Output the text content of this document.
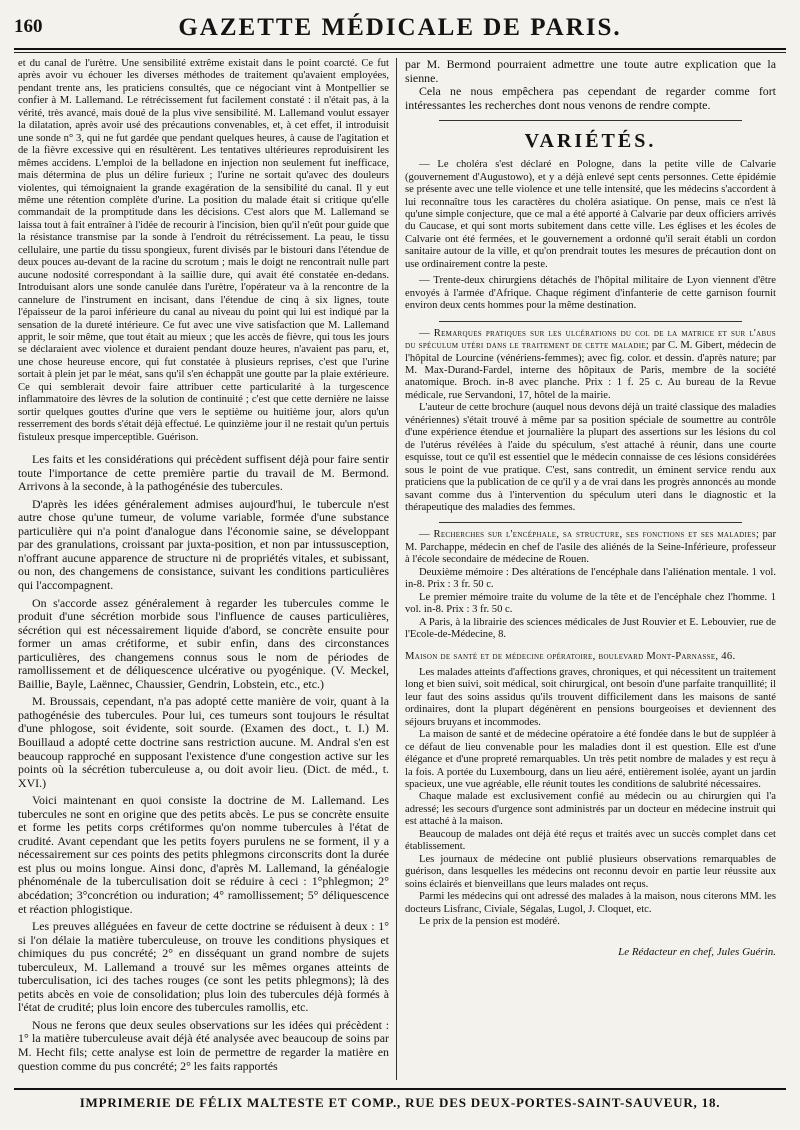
160	GAZETTE MÉDICALE DE PARIS.

et du canal de l'urètre. Une sensibilité extrême existait dans le point coarcté. Ce fut après avoir vu échouer les diverses méthodes de traitement qu'avaient employées, pendant trente ans, les praticiens consultés, que ce négociant vint à Montpellier se confier à M. Lallemand. Le rétrécissement fut facilement constaté : il n'était pas, à la vérité, très avancé, mais doué de la plus vive sensibilité. M. Lallemand voulut essayer la dilatation, après avoir usé des précautions convenables, et, à cet effet, il introduisit une sonde n° 3, qui ne fut gardée que pendant quelques heures, à cause de l'agitation et de la fièvre excessive qui en résultèrent. Les tentatives ultérieures reproduisirent les mêmes accidens. L'emploi de la belladone en injection non seulement fut inefficace, mais détermina de plus un délire furieux ; l'urine ne sortait qu'avec des douleurs violentes, qui témoignaient la grande exagération de la sensibilité du canal. Il y eut même une rétention complète d'urine. La position du malade était si critique qu'elle commandait de la promptitude dans les décisions. C'est alors que M. Lallemand se laissa tout à fait entraîner à l'idée de recourir à l'incision, bien qu'il n'eût pour guide que la résistance transmise par la sonde à l'endroit du rétrécissement. La peau, le tissu cellulaire, une partie du tissu spongieux, furent divisés par le bistouri dans l'étendue de deux pouces au-devant de la racine du scrotum ; mais le doigt ne rencontrait nulle part aucune nodosité correspondant à la saillie dure, qui avait été constatée en-dedans. Introduisant alors une sonde canulée dans l'urètre, l'opérateur va à la rencontre de la cannelure de l'instrument en incisant, dans l'étendue de cinq à six lignes, toute l'épaisseur de la paroi inférieure du canal au niveau du point qui lui est indiqué par la sensation de la dureté intérieure. Ce fut avec une vive satisfaction que M. Lallemand apprit, le soir même, que tout était au mieux ; que les accès de fièvre, qui tous les jours se déclaraient avec violence et duraient pendant douze heures, n'avaient pas paru, et, une chose heureuse encore, qui fut constatée à plusieurs reprises, c'est que l'urine sortait à plein jet par le méat, sans qu'il s'en échappât une goutte par la plaie extérieure. Ce qui semblerait devoir faire attribuer cette particularité à la turgescence inflammatoire des lèvres de la solution de continuité ; c'est que cette dernière ne laisse sortir quelques gouttes d'urine que vers le septième ou huitième jour, alors qu'un resserrement des bords s'était déjà effectué. Le quinzième jour il ne restait qu'un pertuis fistuleux presque imperceptible. Guérison.

Les faits et les considérations qui précèdent suffisent déjà pour faire sentir toute l'importance de cette première partie du travail de M. Bermond. Arrivons à la seconde, à la pathogénésie des tubercules.

D'après les idées généralement admises aujourd'hui, le tubercule n'est autre chose qu'une tumeur, de volume variable, formée d'une substance particulière qui n'a point d'analogue dans l'économie saine, se développant par des granulations, croissant par juxta-position, et non par intussusception, n'offrant aucune apparence de structure ni de propriétés vitales, et subissant, ou non, des changemens de consistance, suivant les conditions particulières qui l'accompagnent.

On s'accorde assez généralement à regarder les tubercules comme le produit d'une sécrétion morbide sous l'influence de causes particulières, sécrétion qui est nécessairement liquide d'abord, se concrète ensuite pour former un amas crétiforme, et subir enfin, dans des circonstances particulières, des changemens connus sous le nom de périodes de ramollissement et de déliquescence ulcérative ou pyogénique. (V. Meckel, Baillie, Bayle, Laënnec, Chaussier, Gendrin, Lobstein, etc., etc.)

M. Broussais, cependant, n'a pas adopté cette manière de voir, quant à la pathogénésie des tubercules. Pour lui, ces tumeurs sont toujours le résultat d'une phlogose, soit évidente, soit sourde. (Examen des doct., t. I.) M. Bouillaud a adopté cette doctrine sans restriction aucune. M. Andral s'en est beaucoup rapproché en supposant l'existence d'une congestion active sur les points où la sécrétion tuberculeuse a, ou doit avoir lieu. (Dict. de méd., t. XVI.)

Voici maintenant en quoi consiste la doctrine de M. Lallemand. Les tubercules ne sont en origine que des petits abcès. Le pus se concrète ensuite et forme les petits corps crétiformes qu'on nomme tubercules à l'état de crudité. Avant cependant que les petits foyers purulens ne se forment, il y a nécessairement sur ces points des petits phlegmons circonscrits dont la durée est plus ou moins longue. Ainsi donc, d'après M. Lallemand, la généalogie phénoménale de la tuberculisation doit se réduire à ceci : 1°phlegmon; 2° abcédation; 3°concrétion ou induration; 4° ramollissement; 5° déliquescence et réaction phlogistique.

Les preuves alléguées en faveur de cette doctrine se réduisent à deux : 1° si l'on délaie la matière tuberculeuse, on trouve les conditions physiques et chimiques du pus concrété; 2° en disséquant un grand nombre de sujets tuberculeux, M. Lallemand a trouvé sur les mêmes organes atteints de tuberculisation, ici des taches rouges (ce sont les petits phlegmons); là des petits abcès en voie de consolidation; plus loin des tubercules déjà formés à l'état de crudité; plus loin encore des tubercules ramollis, etc.

Nous ne ferons que deux seules observations sur les idées qui précèdent : 1° la matière tuberculeuse avait déjà été analysée avec beaucoup de soins par M. Hecht fils; cette analyse est loin de permettre de regarder la matière en question comme du pus concrété; 2° les faits rapportés

par M. Bermond pourraient admettre une toute autre explication que la sienne.

Cela ne nous empêchera pas cependant de regarder comme fort intéressantes les recherches dont nous venons de rendre compte.

VARIÉTÉS.

— Le choléra s'est déclaré en Pologne, dans la petite ville de Calvarie (gouvernement d'Augustowo), et y a déjà enlevé sept cents personnes. Cette épidémie se présente avec une telle violence et une telle intensité, que les médecins s'accordent à lui reconnaître tous les caractères du choléra asiatique. On pense, mais ce n'est là qu'une simple conjecture, que ce mal a été apporté à Calvarie par deux officiers arrivés du Caucase, et qui sont morts subitement dans cette ville. Les églises et les écoles de Calvarie ont été fermées, et le gouvernement a ordonné qu'il serait établi un cordon sanitaire autour de la ville, et qu'on prendrait toutes les mesures de précaution dont on use ordinairement contre la peste.

— Trente-deux chirurgiens détachés de l'hôpital militaire de Lyon viennent d'être envoyés à l'armée d'Afrique. Chaque régiment d'infanterie de cette garnison fournit environ deux cents hommes pour la même destination.

— Remarques pratiques sur les ulcérations du col de la matrice et sur l'abus du spéculum utéri dans le traitement de cette maladie; par C. M. Gibert, médecin de l'hôpital de Lourcine (vénériens-femmes); avec fig. color. et dessin. d'après nature; par M. Max-Durand-Fardel, interne des hôpitaux de Paris, membre de la société anatomique. Broch. in-8 avec planche. Prix : 1 f. 25 c. Au bureau de la Revue médicale, rue Servandoni, 17, hôtel de la mairie.

L'auteur de cette brochure (auquel nous devons déjà un traité classique des maladies vénériennes) s'était trouvé à même par sa position spéciale de soumettre au contrôle d'une expérience étendue et journalière la plupart des assertions sur les lésions du col de l'utérus révélées à l'aide du spéculum, s'est attaché à réunir, dans une courte esquisse, tout ce qu'il est essentiel que le médecin connaisse de ces lésions considérées sous le point de vue pratique. C'est, sans contredit, un éminent service rendu aux praticiens que la publication de ce qu'il y a de vrai dans les progrès annoncés au monde savant comme dus à l'intervention du spéculum uteri dans le diagnostic et la thérapeutique des maladies des femmes.

— Recherches sur l'encéphale, sa structure, ses fonctions et ses maladies; par M. Parchappe, médecin en chef de l'asile des aliénés de la Seine-Inférieure, professeur à l'école secondaire de médecine de Rouen.

Deuxième mémoire : Des altérations de l'encéphale dans l'aliénation mentale. 1 vol. in-8. Prix : 3 fr. 50 c.

Le premier mémoire traite du volume de la tête et de l'encéphale chez l'homme. 1 vol. in-8. Prix : 3 fr. 50 c.

A Paris, à la librairie des sciences médicales de Just Rouvier et E. Lebouvier, rue de l'Ecole-de-Médecine, 8.

Maison de santé et de médecine opératoire, boulevard Mont-Parnasse, 46.

Les malades atteints d'affections graves, chroniques, et qui nécessitent un traitement long et bien suivi, soit médical, soit chirurgical, ont besoin d'une parfaite tranquillité; il leur faut des soins assidus qu'ils trouvent difficilement dans les maisons de santé ordinaires, dont la plupart dégénèrent en pensions bourgeoises et deviennent des séjours bruyans et incommodes.

La maison de santé et de médecine opératoire a été fondée dans le but de suppléer à ce défaut de lieu convenable pour les maladies dont il est question. Elle est d'une élégance et d'une propreté remarquables. Un très petit nombre de malades y est reçu à la fois. A portée du Luxembourg, dans un lieu aéré, entièrement isolée, ayant un jardin spacieux, une vue agréable, elle réunit toutes les conditions de salubrité nécessaires.

Chaque malade est exclusivement confié au médecin ou au chirurgien qui l'a adressé; les secours d'urgence sont administrés par un docteur en médecine instruit qui est attaché à la maison.

Beaucoup de malades ont déjà été reçus et traités avec un succès complet dans cet établissement.

Les journaux de médecine ont publié plusieurs observations remarquables de guérison, dans lesquelles les médecins ont reconnu devoir en partie leur réussite aux soins éclairés et bienveillans que leurs malades ont reçus.

Parmi les médecins qui ont adressé des malades à la maison, nous citerons MM. les docteurs Lisfranc, Civiale, Ségalas, Lugol, J. Cloquet, etc.

Le prix de la pension est modéré.

Le Rédacteur en chef, Jules Guérin.
IMPRIMERIE DE FÉLIX MALTESTE ET COMP., RUE DES DEUX-PORTES-SAINT-SAUVEUR, 18.
